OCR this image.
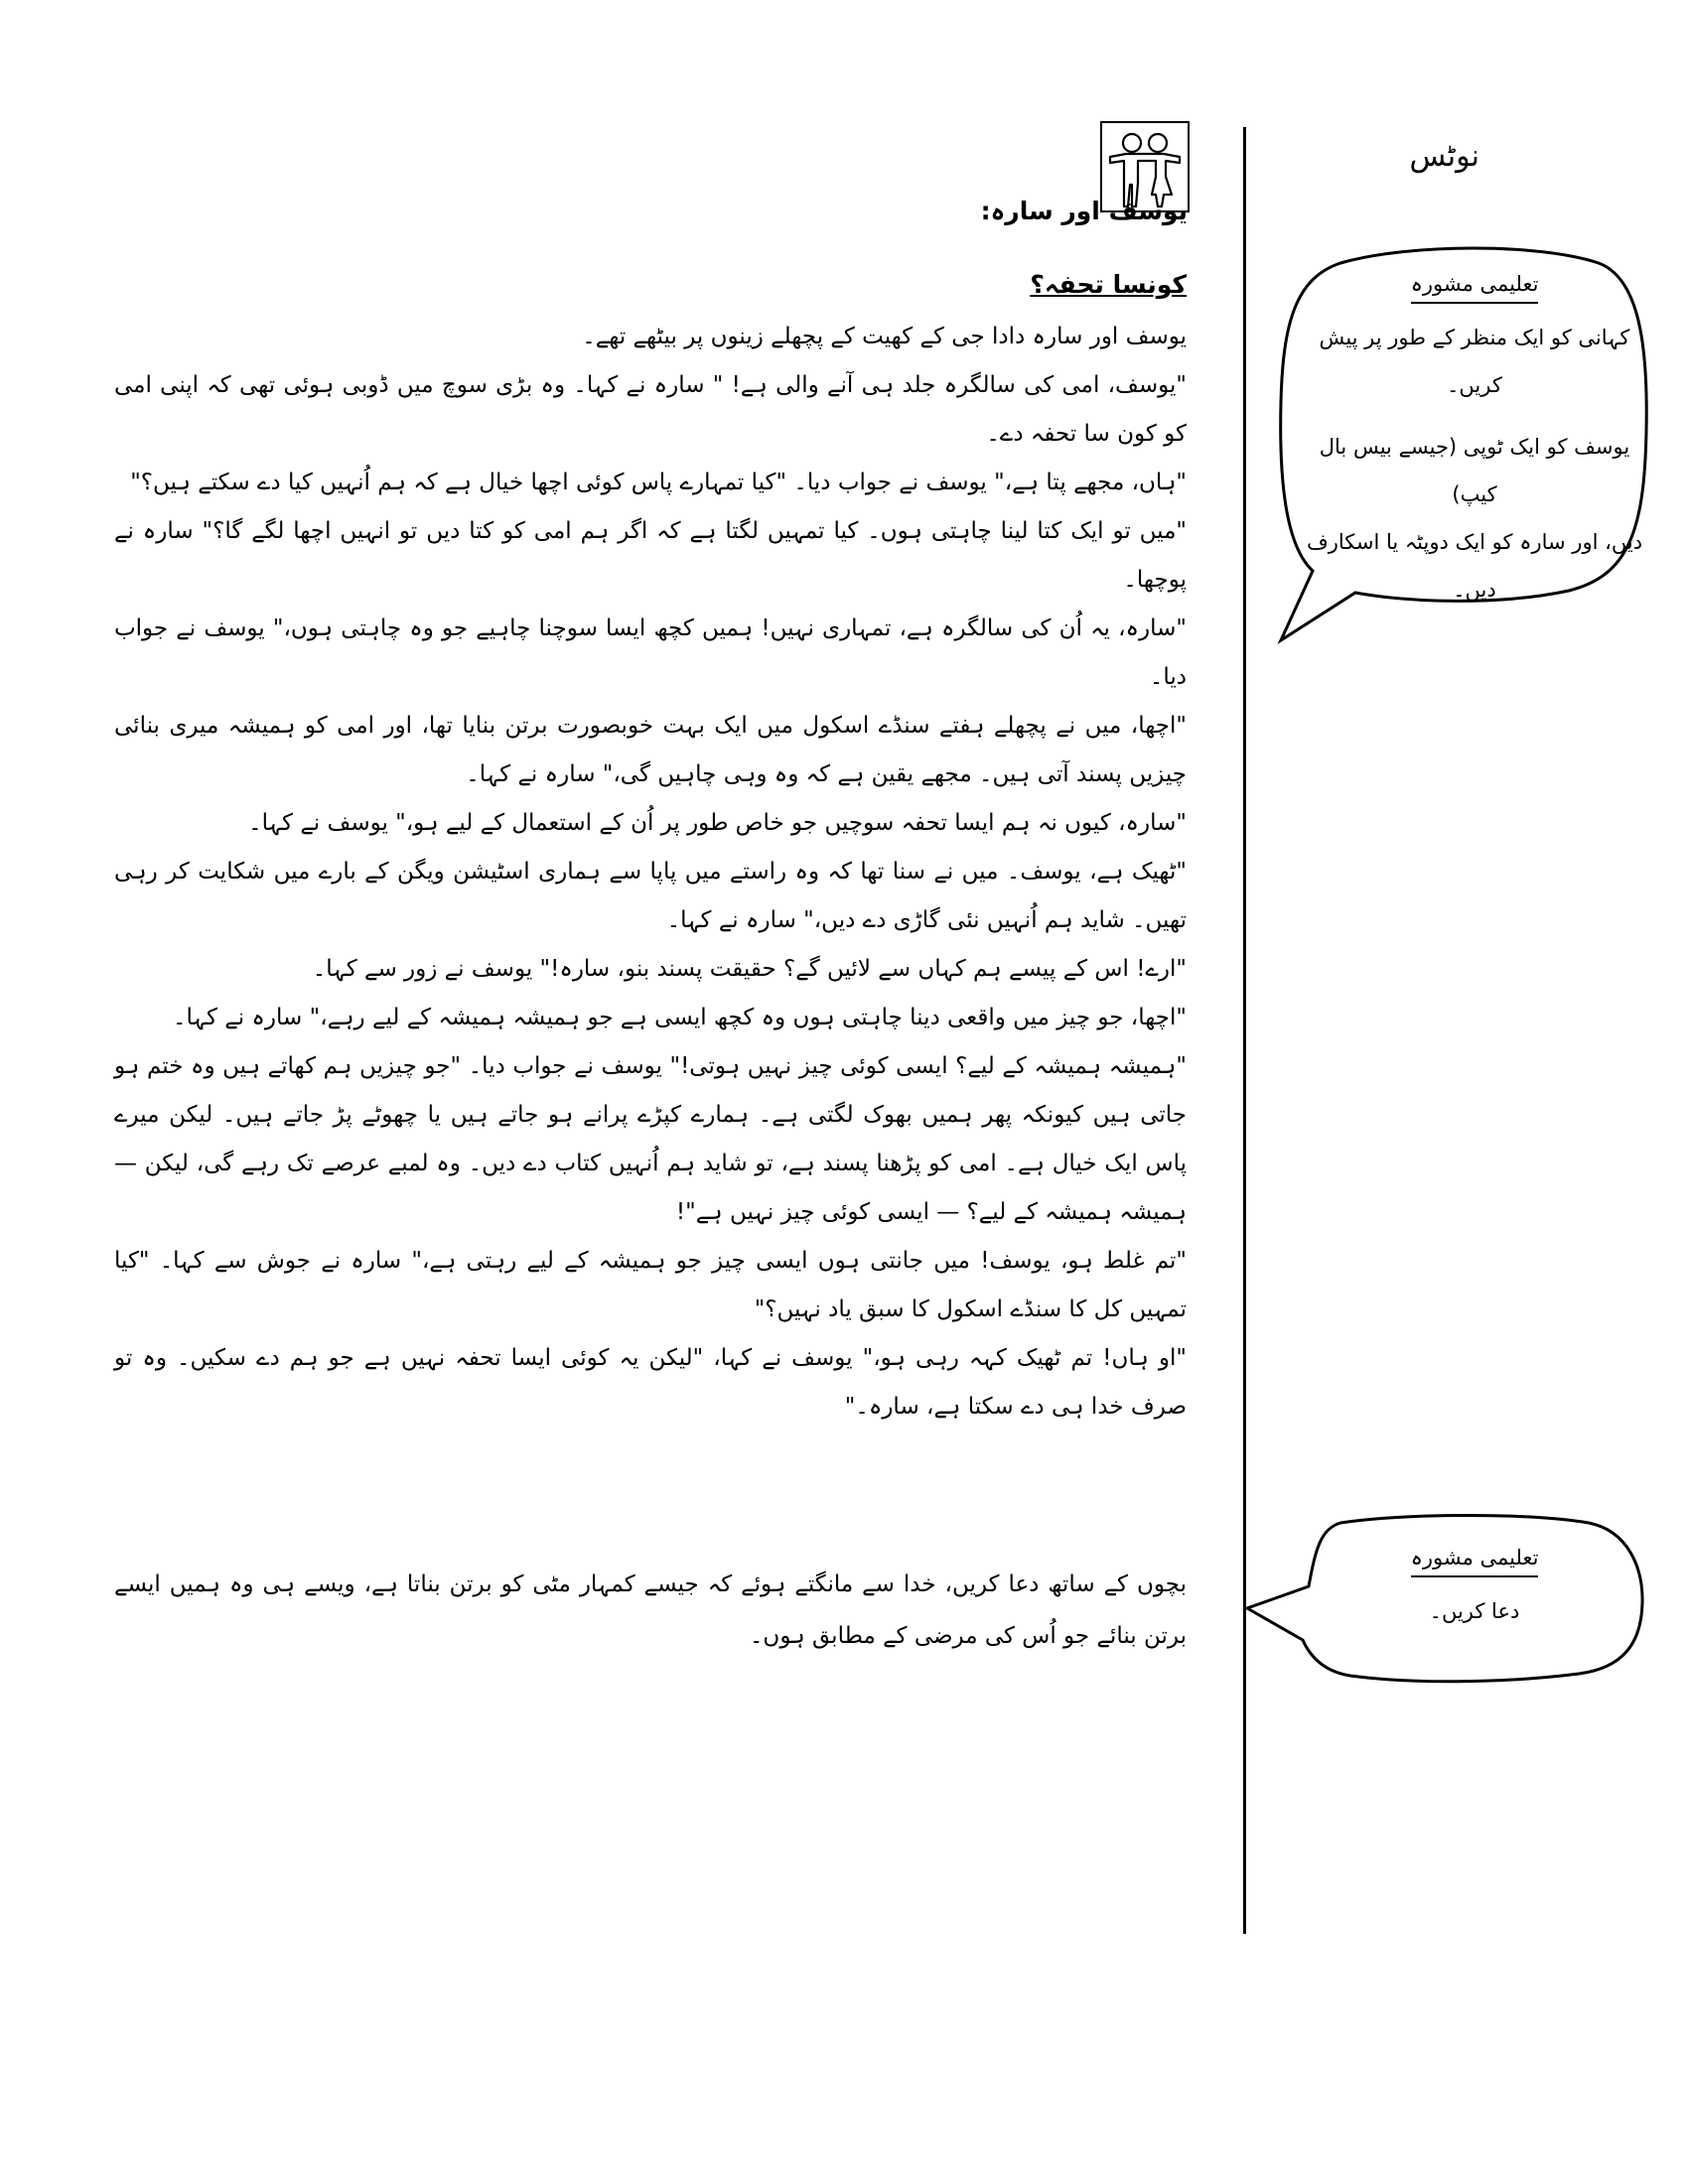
نوٹس
یوسف اور سارہ:

کونسا تحفہ؟

یوسف اور سارہ دادا جی کے کھیت کے پچھلے زینوں پر بیٹھے تھے۔

"یوسف، امی کی سالگرہ جلد ہی آنے والی ہے! " سارہ نے کہا۔ وہ بڑی سوچ میں ڈوبی ہوئی تھی کہ اپنی امی کو کون سا تحفہ دے۔

"ہاں، مجھے پتا ہے،" یوسف نے جواب دیا۔ "کیا تمہارے پاس کوئی اچھا خیال ہے کہ ہم اُنہیں کیا دے سکتے ہیں؟"

"میں تو ایک کتا لینا چاہتی ہوں۔ کیا تمہیں لگتا ہے کہ اگر ہم امی کو کتا دیں تو انہیں اچھا لگے گا؟" سارہ نے پوچھا۔

"سارہ، یہ اُن کی سالگرہ ہے، تمہاری نہیں! ہمیں کچھ ایسا سوچنا چاہیے جو وہ چاہتی ہوں،" یوسف نے جواب دیا۔

"اچھا، میں نے پچھلے ہفتے سنڈے اسکول میں ایک بہت خوبصورت برتن بنایا تھا، اور امی کو ہمیشہ میری بنائی چیزیں پسند آتی ہیں۔ مجھے یقین ہے کہ وہ وہی چاہیں گی،" سارہ نے کہا۔

"سارہ، کیوں نہ ہم ایسا تحفہ سوچیں جو خاص طور پر اُن کے استعمال کے لیے ہو،" یوسف نے کہا۔

"ٹھیک ہے، یوسف۔ میں نے سنا تھا کہ وہ راستے میں پاپا سے ہماری اسٹیشن ویگن کے بارے میں شکایت کر رہی تھیں۔ شاید ہم اُنہیں نئی گاڑی دے دیں،" سارہ نے کہا۔

"ارے! اس کے پیسے ہم کہاں سے لائیں گے؟ حقیقت پسند بنو، سارہ!" یوسف نے زور سے کہا۔

"اچھا، جو چیز میں واقعی دینا چاہتی ہوں وہ کچھ ایسی ہے جو ہمیشہ ہمیشہ کے لیے رہے،" سارہ نے کہا۔

"ہمیشہ ہمیشہ کے لیے؟ ایسی کوئی چیز نہیں ہوتی!" یوسف نے جواب دیا۔ "جو چیزیں ہم کھاتے ہیں وہ ختم ہو جاتی ہیں کیونکہ پھر ہمیں بھوک لگتی ہے۔ ہمارے کپڑے پرانے ہو جاتے ہیں یا چھوٹے پڑ جاتے ہیں۔ لیکن میرے پاس ایک خیال ہے۔ امی کو پڑھنا پسند ہے، تو شاید ہم اُنہیں کتاب دے دیں۔ وہ لمبے عرصے تک رہے گی، لیکن — ہمیشہ ہمیشہ کے لیے؟ — ایسی کوئی چیز نہیں ہے"!

"تم غلط ہو، یوسف! میں جانتی ہوں ایسی چیز جو ہمیشہ کے لیے رہتی ہے،" سارہ نے جوش سے کہا۔ "کیا تمہیں کل کا سنڈے اسکول کا سبق یاد نہیں؟"

"او ہاں! تم ٹھیک کہہ رہی ہو،" یوسف نے کہا، "لیکن یہ کوئی ایسا تحفہ نہیں ہے جو ہم دے سکیں۔ وہ تو صرف خدا ہی دے سکتا ہے، سارہ۔"

بچوں کے ساتھ دعا کریں، خدا سے مانگتے ہوئے کہ جیسے کمہار مٹی کو برتن بناتا ہے، ویسے ہی وہ ہمیں ایسے برتن بنائے جو اُس کی مرضی کے مطابق ہوں۔

تعلیمی مشورہ
کہانی کو ایک منظر کے طور پر پیش کریں۔
یوسف کو ایک ٹوپی (جیسے بیس بال کیپ)
دیں، اور سارہ کو ایک دوپٹہ یا اسکارف دیں۔
تعلیمی مشورہ
دعا کریں۔
